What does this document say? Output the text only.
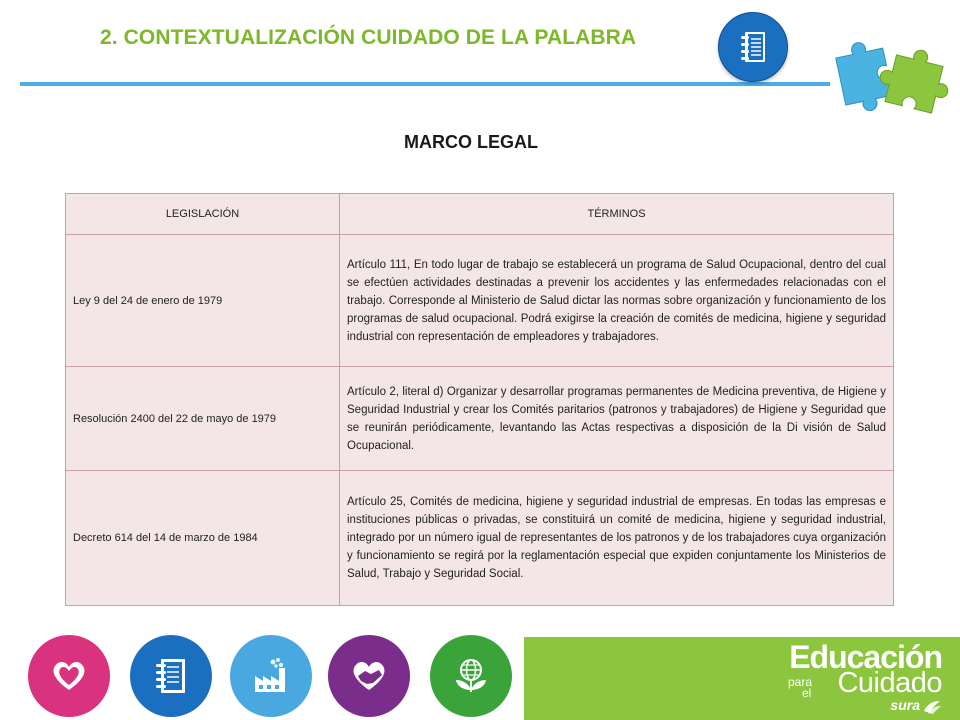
2. CONTEXTUALIZACIÓN CUIDADO DE LA PALABRA
MARCO LEGAL
LEGISLACIÓN	TÉRMINOS
Ley 9 del 24 de enero de 1979	Artículo 111, En todo lugar de trabajo se establecerá un programa de Salud Ocupacional, dentro del cual se efectúen actividades destinadas a prevenir los accidentes y las enfermedades relacionadas con el trabajo. Corresponde al Ministerio de Salud dictar las normas sobre organización y funcionamiento de los programas de salud ocupacional. Podrá exigirse la creación de comités de medicina, higiene y seguridad industrial con representación de empleadores y trabajadores.
Resolución 2400 del 22 de mayo de 1979	Artículo 2, literal d) Organizar y desarrollar programas permanentes de Medicina preventiva, de Higiene y Seguridad Industrial y crear los Comités paritarios (patronos y trabajadores) de Higiene y Seguridad que se reunirán periódicamente, levantando las Actas respectivas a disposición de la Di visión de Salud Ocupacional.
Decreto 614 del 14 de marzo de 1984	Artículo 25, Comités de medicina, higiene y seguridad industrial de empresas. En todas las empresas e instituciones públicas o privadas, se constituirá un comité de medicina, higiene y seguridad industrial, integrado por un número igual de representantes de los patronos y de los trabajadores cuya organización y funcionamiento se regirá por la reglamentación especial que expiden conjuntamente los Ministerios de Salud, Trabajo y Seguridad Social.
Educación
para
el Cuidado
sura
